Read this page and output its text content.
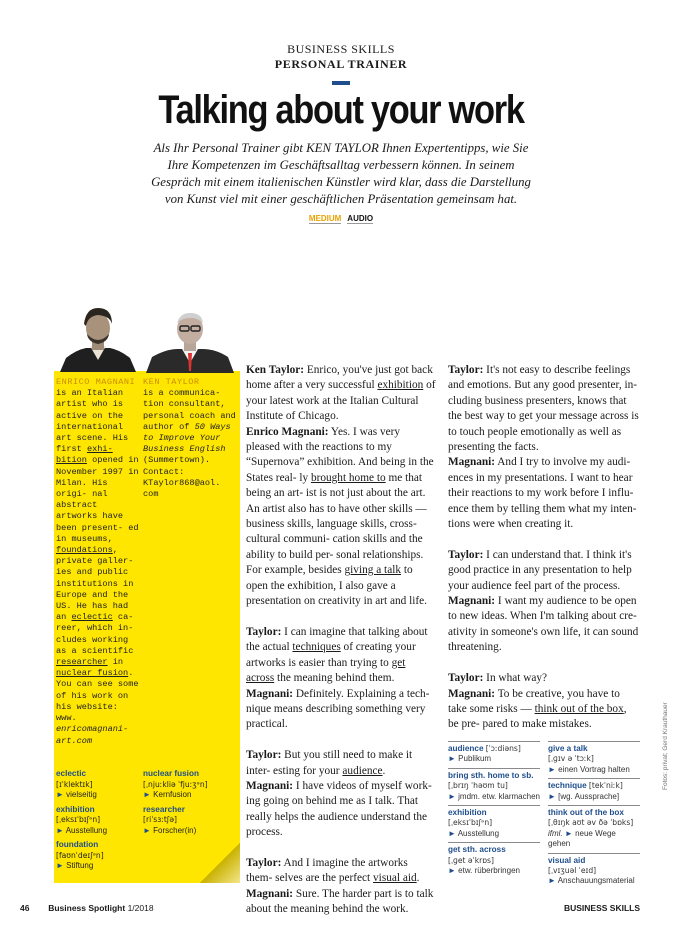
BUSINESS SKILLS
PERSONAL TRAINER
Talking about your work
Als Ihr Personal Trainer gibt KEN TAYLOR Ihnen Expertentipps, wie Sie Ihre Kompetenzen im Geschäftsalltag verbessern können. In seinem Gespräch mit einem italienischen Künstler wird klar, dass die Darstellung von Kunst viel mit einer geschäftlichen Präsentation gemeinsam hat.
MEDIUM AUDIO
ENRICO MAGNANI
is an Italian artist who is active on the international art scene. His first exhi- bition opened in November 1997 in Milan. His origi- nal abstract artworks have been present- ed in museums, foundations, private galler- ies and public institutions in Europe and the US. He has had an eclectic ca- reer, which in- cludes working as a scientific researcher in nuclear fusion. You can see some of his work on his website: www. enricomagnani- art.com
KEN TAYLOR
is a communica- tion consultant, personal coach and author of 50 Ways to Improve Your Business English (Summertown). Contact: KTaylor868@aol. com
eclectic
[ɪˈklektɪk]
► vielseitig
exhibition
[ˌeksɪˈbɪʃᵊn]
► Ausstellung
foundation
[faʊnˈdeɪʃᵊn]
► Stiftung
nuclear fusion
[ˌnjuːkliə ˈfjuːʒᵊn]
► Kernfusion
researcher
[riˈsɜːtʃə]
► Forscher(in)

Ken Taylor: Enrico, you've just got back home after a very successful exhibition of your latest work at the Italian Cultural Institute of Chicago.
Enrico Magnani: Yes. I was very pleased with the reactions to my “Supernova” exhibition. And being in the States real- ly brought home to me that being an art- ist is not just about the art. An artist also has to have other skills — business skills, language skills, cross-cultural communi- cation skills and the ability to build per- sonal relationships. For example, besides giving a talk to open the exhibition, I also gave a presentation on creativity in art and life.

Taylor: I can imagine that talking about the actual techniques of creating your artworks is easier than trying to get across the meaning behind them.
Magnani: Definitely. Explaining a tech- nique means describing something very practical.

Taylor: But you still need to make it inter- esting for your audience.
Magnani: I have videos of myself work- ing going on behind me as I talk. That really helps the audience understand the process.

Taylor: And I imagine the artworks them- selves are the perfect visual aid.
Magnani: Sure. The harder part is to talk about the meaning behind the work.

Taylor: It's not easy to describe feelings and emotions. But any good presenter, in- cluding business presenters, knows that the best way to get your message across is to touch people emotionally as well as presenting the facts.
Magnani: And I try to involve my audi- ences in my presentations. I want to hear their reactions to my work before I influ- ence them by telling them what my inten- tions were when creating it.

Taylor: I can understand that. I think it's good practice in any presentation to help your audience feel part of the process.
Magnani: I want my audience to be open to new ideas. When I'm talking about cre- ativity in someone's own life, it can sound threatening.

Taylor: In what way?
Magnani: To be creative, you have to take some risks — think out of the box, be pre- pared to make mistakes.

audience [ˈɔːdiəns]
► Publikum
bring sth. home to sb.
[ˌbrɪŋ ˈhəʊm tu]
► jmdm. etw. klarmachen
exhibition
[ˌeksɪˈbɪʃᵊn]
► Ausstellung
get sth. across
[ˌɡet əˈkrɒs]
► etw. rüberbringen
give a talk
[ˌɡɪv ə ˈtɔːk]
► einen Vortrag halten
technique [tekˈniːk]
► [wg. Aussprache]
think out of the box
[ˌθɪŋk aʊt əv ðə ˈbɒks]
ifml. ► neue Wege gehen
visual aid
[ˌvɪʒuəl ˈeɪd]
► Anschauungsmaterial
Fotos: privat; Gerd Krauthauer
46 Business Spotlight 1/2018	BUSINESS SKILLS
